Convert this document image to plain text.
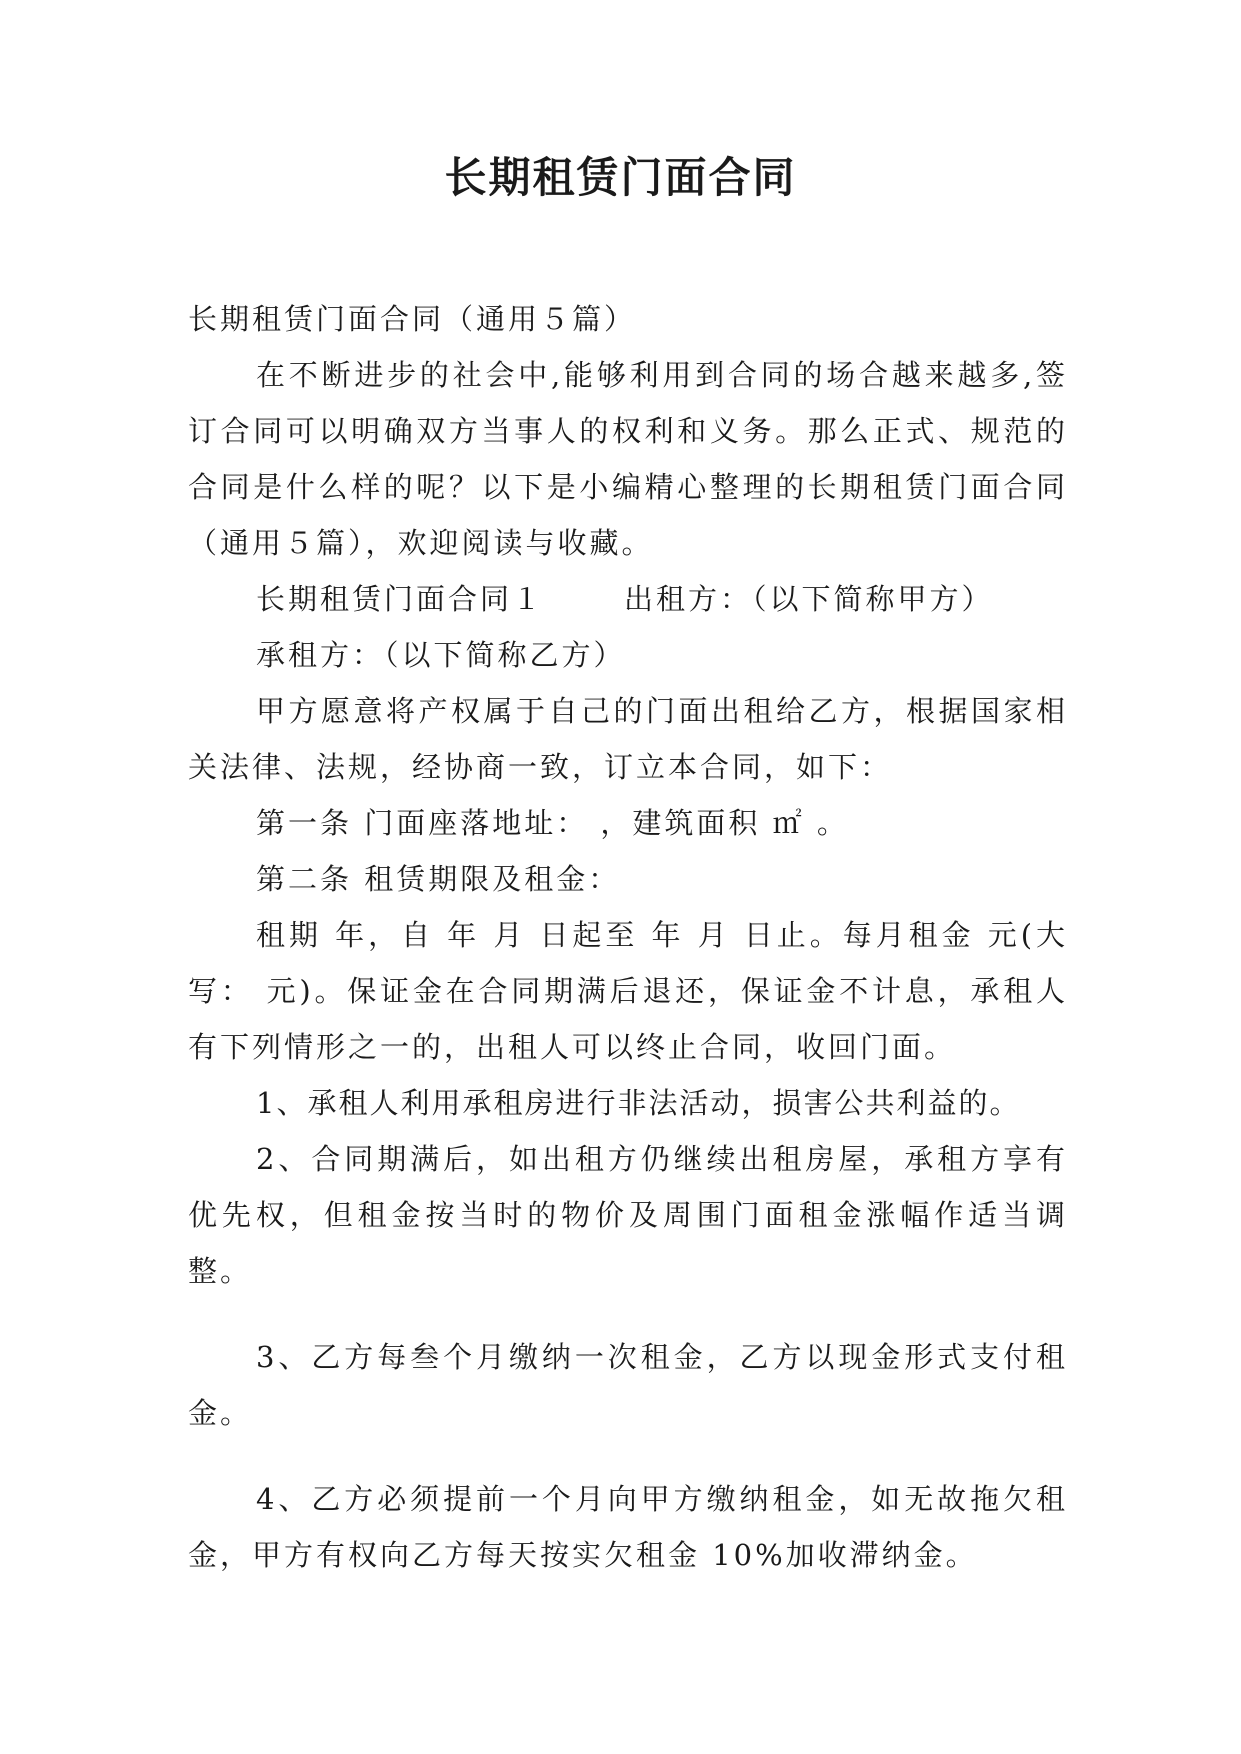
长期租赁门面合同

长期租赁门面合同（通用５篇）

在不断进步的社会中,能够利用到合同的场合越来越多,签订合同可以明确双方当事人的权利和义务。那么正式、规范的合同是什么样的呢？以下是小编精心整理的长期租赁门面合同（通用５篇），欢迎阅读与收藏。

长期租赁门面合同１	出租方：（以下简称甲方）

承租方：（以下简称乙方）

甲方愿意将产权属于自己的门面出租给乙方，根据国家相关法律、法规，经协商一致，订立本合同，如下：

第一条 门面座落地址： ，建筑面积 ㎡ 。

第二条 租赁期限及租金：

租期 年，自 年 月 日起至 年 月 日止。每月租金 元(大写： 元)。保证金在合同期满后退还，保证金不计息，承租人有下列情形之一的，出租人可以终止合同，收回门面。

1、承租人利用承租房进行非法活动，损害公共利益的。

2、合同期满后，如出租方仍继续出租房屋，承租方享有优先权，但租金按当时的物价及周围门面租金涨幅作适当调整。

3、乙方每叁个月缴纳一次租金，乙方以现金形式支付租金。

4、乙方必须提前一个月向甲方缴纳租金，如无故拖欠租金，甲方有权向乙方每天按实欠租金 10%加收滞纳金。
